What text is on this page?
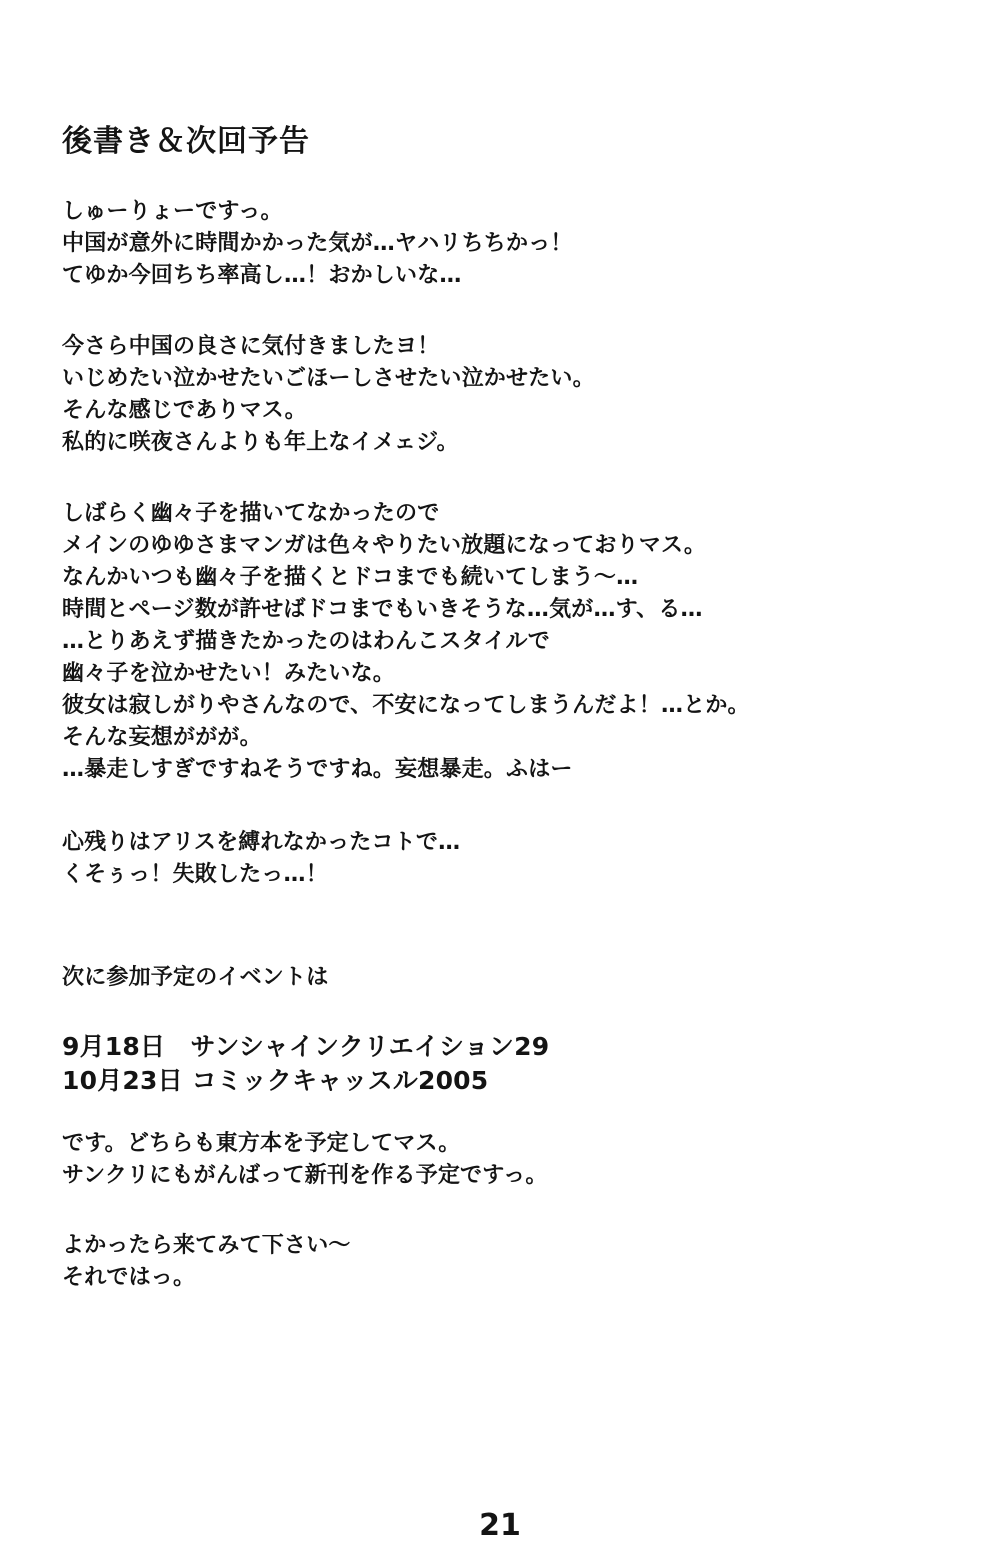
後書き＆次回予告
しゅーりょーですっ。
中国が意外に時間かかった気が…ヤハリちちかっ！
てゆか今回ちち率高し…！おかしいな…
今さら中国の良さに気付きましたヨ！
いじめたい泣かせたいごほーしさせたい泣かせたい。
そんな感じでありマス。
私的に咲夜さんよりも年上なイメェジ。
しばらく幽々子を描いてなかったので
メインのゆゆさまマンガは色々やりたい放題になっておりマス。
なんかいつも幽々子を描くとドコまでも続いてしまう～…
時間とページ数が許せばドコまでもいきそうな…気が…す、る…
…とりあえず描きたかったのはわんこスタイルで
幽々子を泣かせたい！みたいな。
彼女は寂しがりやさんなので、不安になってしまうんだよ！…とか。
そんな妄想ががが。
…暴走しすぎですねそうですね。妄想暴走。ふはー
心残りはアリスを縛れなかったコトで…
くそぅっ！失敗したっ…！
次に参加予定のイベントは
9月18日　サンシャインクリエイション29
10月23日 コミックキャッスル2005
です。どちらも東方本を予定してマス。
サンクリにもがんばって新刊を作る予定ですっ。
よかったら来てみて下さい～
それではっ。
21
